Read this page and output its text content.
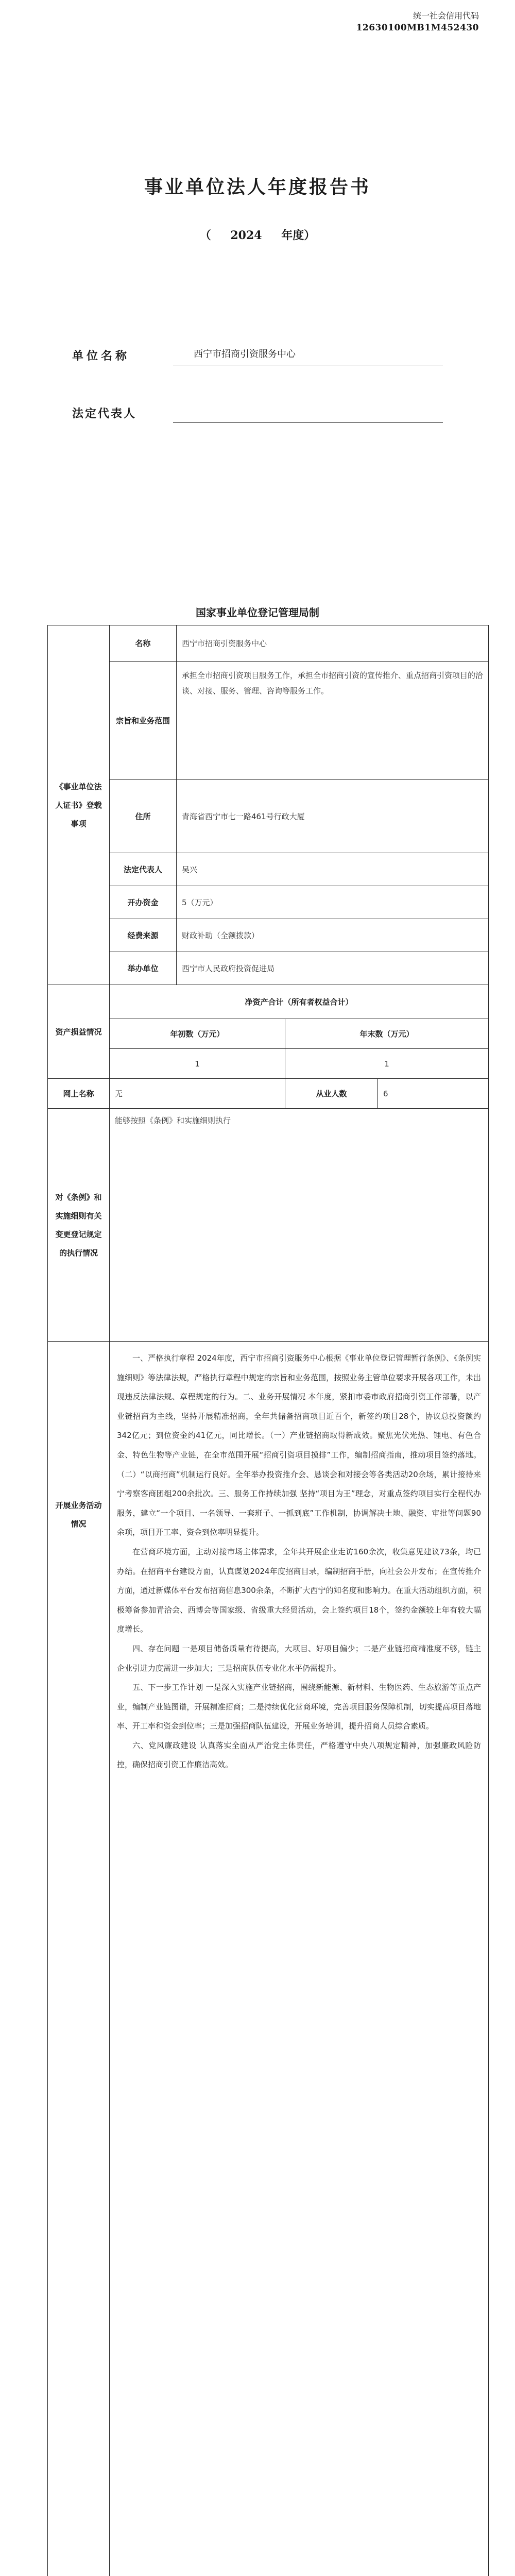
统一社会信用代码
12630100MB1M452430
事业单位法人年度报告书
（ 2024 年度）
单位名称	西宁市招商引资服务中心
法定代表人
国家事业单位登记管理局制
《事业单位法人证书》登载事项	名称	西宁市招商引资服务中心		
	宗旨和业务范围	承担全市招商引资项目服务工作，承担全市招商引资的宣传推介、重点招商引资项目的洽谈、对接、服务、管理、咨询等服务工作。		
	住所	青海省西宁市七一路461号行政大厦		
	法定代表人	吴兴		
	开办资金	5（万元）		
	经费来源	财政补助（全额拨款）		
	举办单位	西宁市人民政府投资促进局		
资产损益情况	净资产合计（所有者权益合计）			
	年初数（万元）		年末数（万元）	
	1		1	
网上名称	无		从业人数	6
对《条例》和实施细则有关变更登记规定的执行情况	能够按照《条例》和实施细则执行			
开展业务活动情况	一、严格执行章程 2024年度，西宁市招商引资服务中心根据《事业单位登记管理暂行条例》、《条例实施细则》等法律法规，严格执行章程中规定的宗旨和业务范围，按照业务主管单位要求开展各项工作，未出现违反法律法规、章程规定的行为。二、业务开展情况 本年度，紧扣市委市政府招商引资工作部署，以产业链招商为主线，坚持开展精准招商，全年共储备招商项目近百个，新签约项目28个，协议总投资额约342亿元；到位资金约41亿元，同比增长。（一）产业链招商取得新成效。聚焦光伏光热、锂电、有色合金、特色生物等产业链，在全市范围开展“招商引资项目摸排”工作，编制招商指南，推动项目签约落地。（二）“以商招商”机制运行良好。全年举办投资推介会、恳谈会和对接会等各类活动20余场，累计接待来宁考察客商团组200余批次。三、服务工作持续加强 坚持“项目为王”理念，对重点签约项目实行全程代办服务，建立“一个项目、一名领导、一套班子、一抓到底”工作机制，协调解决土地、融资、审批等问题90余项，项目开工率、资金到位率明显提升。
在营商环境方面，主动对接市场主体需求，全年共开展企业走访160余次，收集意见建议73条，均已办结。在招商平台建设方面，认真谋划2024年度招商目录，编制招商手册，向社会公开发布；在宣传推介方面，通过新媒体平台发布招商信息300余条，不断扩大西宁的知名度和影响力。在重大活动组织方面，积极筹备参加青洽会、西博会等国家级、省级重大经贸活动，会上签约项目18个，签约金额较上年有较大幅度增长。
四、存在问题 一是项目储备质量有待提高，大项目、好项目偏少；二是产业链招商精准度不够，链主企业引进力度需进一步加大；三是招商队伍专业化水平仍需提升。
五、下一步工作计划 一是深入实施产业链招商，围绕新能源、新材料、生物医药、生态旅游等重点产业，编制产业链图谱，开展精准招商；二是持续优化营商环境，完善项目服务保障机制，切实提高项目落地率、开工率和资金到位率；三是加强招商队伍建设，开展业务培训，提升招商人员综合素质。
六、党风廉政建设 认真落实全面从严治党主体责任，严格遵守中央八项规定精神，加强廉政风险防控，确保招商引资工作廉洁高效。			
